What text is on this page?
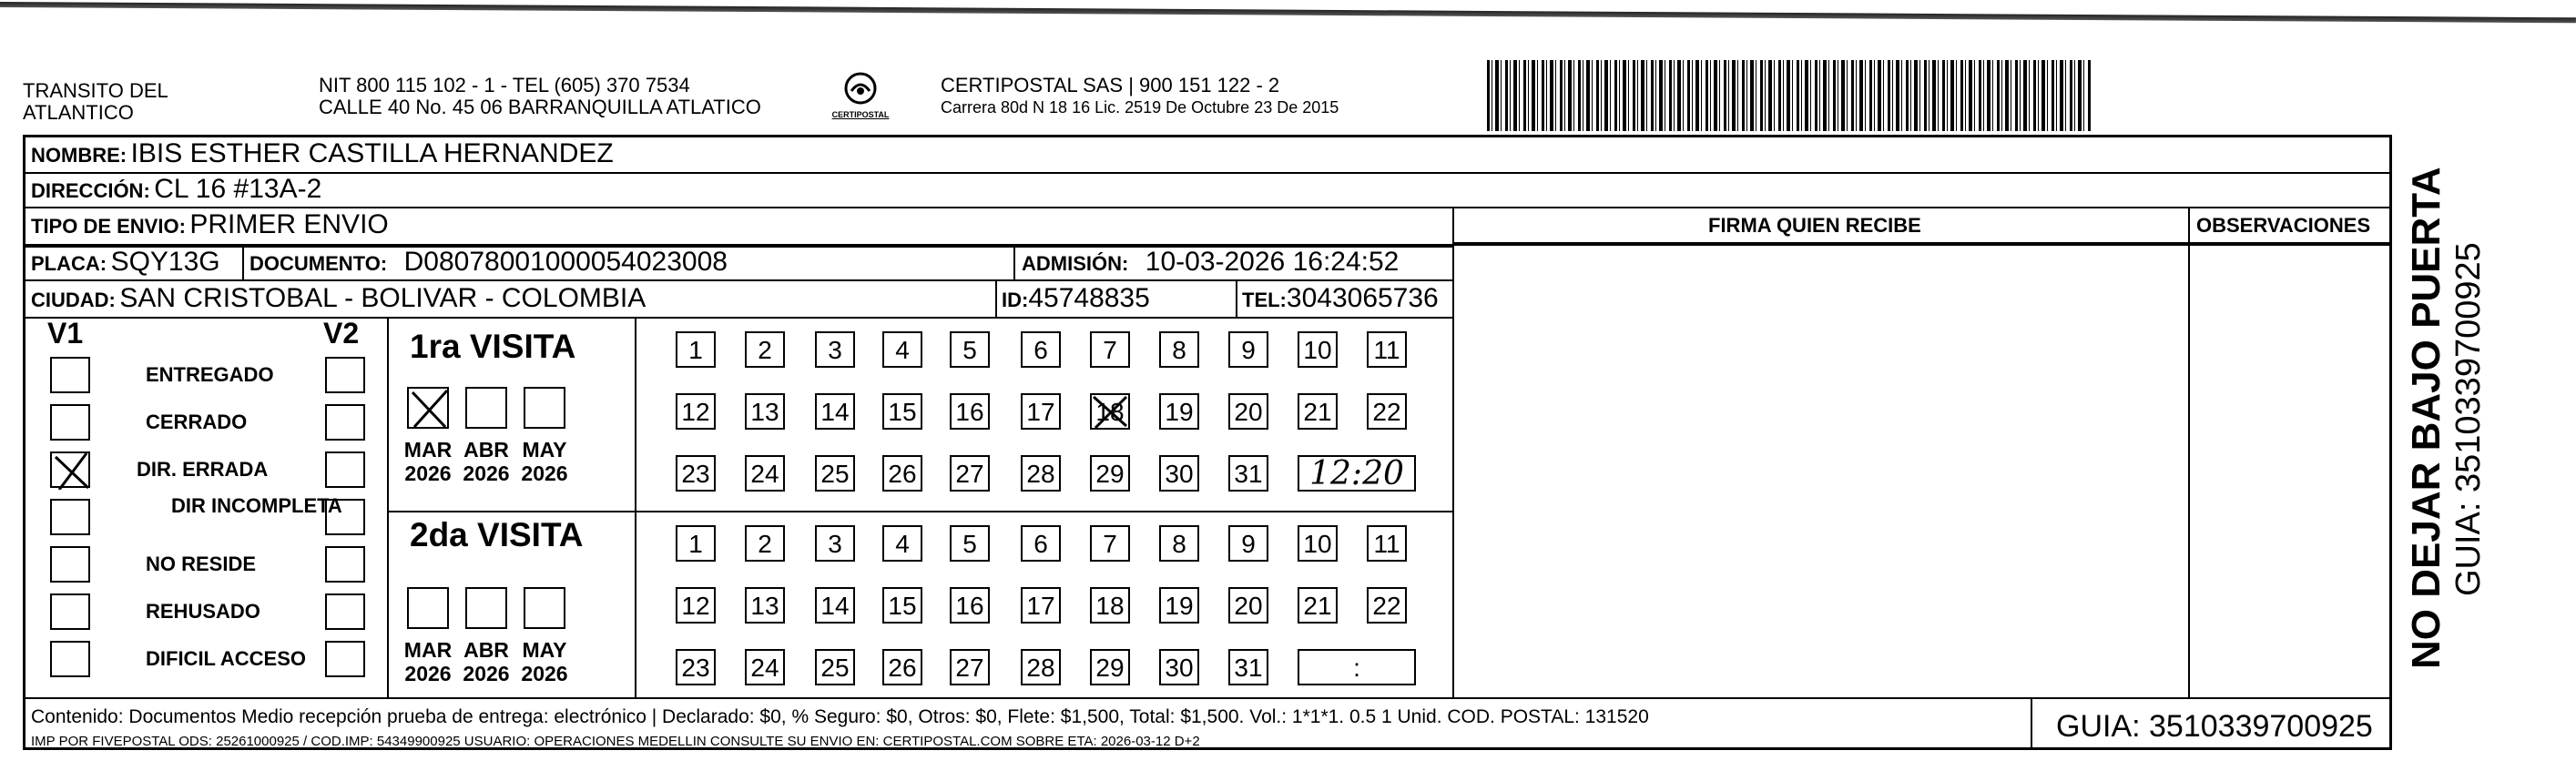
TRANSITO DEL
ATLANTICO
NIT 800 115 102 - 1 - TEL (605) 370 7534
CALLE 40 No. 45 06 BARRANQUILLA ATLATICO	CERTIPOSTAL
CERTIPOSTAL SAS | 900 151 122 - 2
Carrera 80d N 18 16 Lic. 2519 De Octubre 23 De 2015
NOMBRE: IBIS ESTHER CASTILLA HERNANDEZ
DIRECCIÓN: CL 16 #13A-2
TIPO DE ENVIO: PRIMER ENVIO
PLACA: SQY13G DOCUMENTO: D08078001000054023008	ADMISIÓN: 10-03-2026 16:24:52
CIUDAD: SAN CRISTOBAL - BOLIVAR - COLOMBIA	ID:45748835	TEL:3043065736
FIRMA QUIEN RECIBE	OBSERVACIONES
V1	V2
ENTREGADO
CERRADO
DIR. ERRADA
DIR INCOMPLETA
NO RESIDE
REHUSADO
DIFICIL ACCESO
1ra VISITA
2da VISITA
MAR
2026
ABR
2026
MAY
2026
MAR
2026
ABR
2026
MAY
2026
1	2	3	4	5	6	7	8	9	10 11
12 13 14 15 16 17 18 19 20 21 22
23 24 25 26 27 28 29 30 31	12:20
1	2	3	4	5	6	7	8	9	10 11
12 13 14 15 16 17 18 19 20 21 22
23 24 25 26 27 28 29 30 31	:
Contenido: Documentos Medio recepción prueba de entrega: electrónico | Declarado: $0, % Seguro: $0, Otros: $0, Flete: $1,500, Total: $1,500. Vol.: 1*1*1. 0.5 1 Unid. COD. POSTAL: 131520
IMP POR FIVEPOSTAL ODS: 25261000925 / COD.IMP: 54349900925 USUARIO: OPERACIONES MEDELLIN CONSULTE SU ENVIO EN: CERTIPOSTAL.COM SOBRE ETA: 2026-03-12 D+2	GUIA: 3510339700925
NO DEJAR BAJO PUERTA GUIA: 3510339700925
